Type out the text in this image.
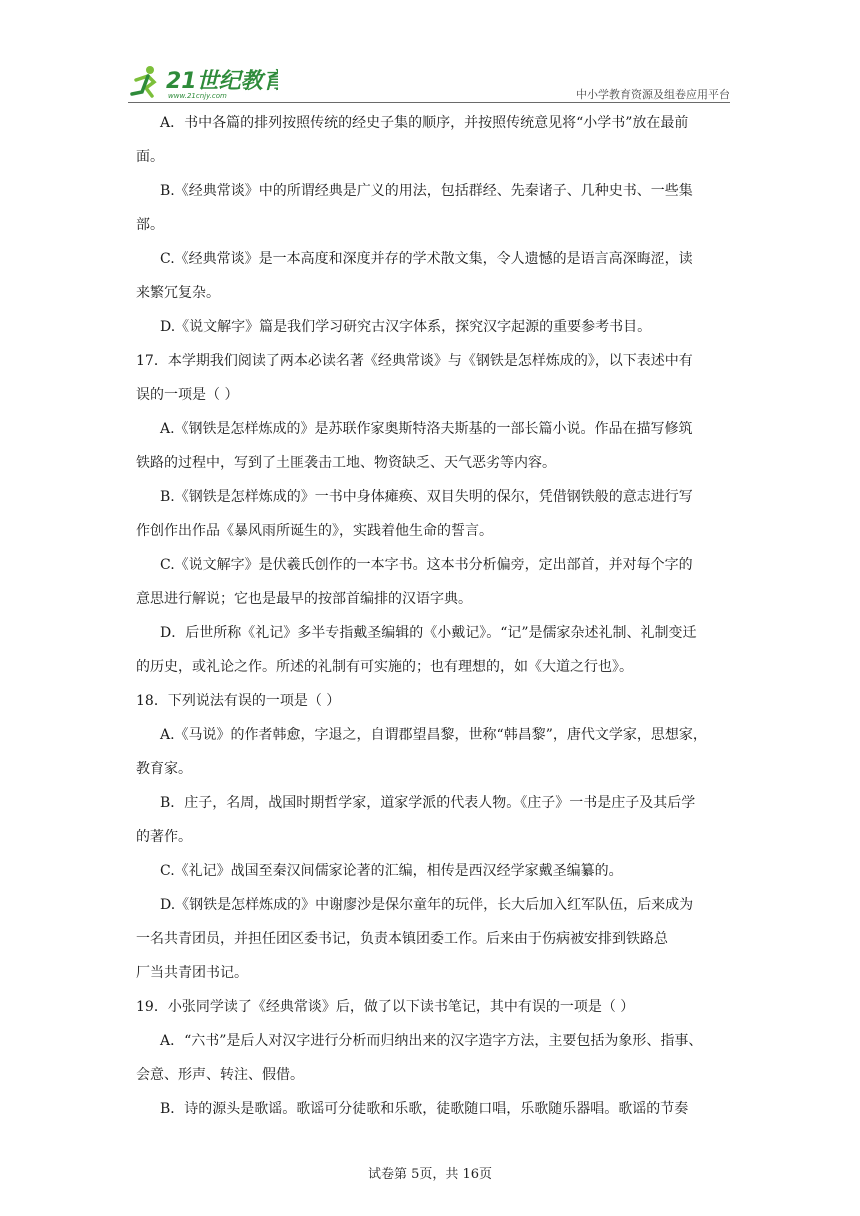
21世纪教育
www.21cnjy.com	中小学教育资源及组卷应用平台
A．书中各篇的排列按照传统的经史子集的顺序，并按照传统意见将“小学书”放在最前
面。
B.《经典常谈》中的所谓经典是广义的用法，包括群经、先秦诸子、几种史书、一些集
部。
C.《经典常谈》是一本高度和深度并存的学术散文集，令人遗憾的是语言高深晦涩，读
来繁冗复杂。
D.《说文解字》篇是我们学习研究古汉字体系，探究汉字起源的重要参考书目。
17．本学期我们阅读了两本必读名著《经典常谈》与《钢铁是怎样炼成的》，以下表述中有
误的一项是（ ）
A.《钢铁是怎样炼成的》是苏联作家奥斯特洛夫斯基的一部长篇小说。作品在描写修筑
铁路的过程中，写到了土匪袭击工地、物资缺乏、天气恶劣等内容。
B.《钢铁是怎样炼成的》一书中身体瘫痪、双目失明的保尔，凭借钢铁般的意志进行写
作创作出作品《暴风雨所诞生的》，实践着他生命的誓言。
C.《说文解字》是伏羲氏创作的一本字书。这本书分析偏旁，定出部首，并对每个字的
意思进行解说；它也是最早的按部首编排的汉语字典。
D．后世所称《礼记》多半专指戴圣编辑的《小戴记》。“记”是儒家杂述礼制、礼制变迁
的历史，或礼论之作。所述的礼制有可实施的；也有理想的，如《大道之行也》。
18．下列说法有误的一项是（ ）
A.《马说》的作者韩愈，字退之，自谓郡望昌黎，世称“韩昌黎”，唐代文学家，思想家，
教育家。
B．庄子，名周，战国时期哲学家，道家学派的代表人物。《庄子》一书是庄子及其后学
的著作。
C.《礼记》战国至秦汉间儒家论著的汇编，相传是西汉经学家戴圣编纂的。
D.《钢铁是怎样炼成的》中谢廖沙是保尔童年的玩伴，长大后加入红军队伍，后来成为
一名共青团员，并担任团区委书记，负责本镇团委工作。后来由于伤病被安排到铁路总
厂当共青团书记。
19．小张同学读了《经典常谈》后，做了以下读书笔记，其中有误的一项是（ ）
A．“六书”是后人对汉字进行分析而归纳出来的汉字造字方法，主要包括为象形、指事、
会意、形声、转注、假借。
B．诗的源头是歌谣。歌谣可分徒歌和乐歌，徒歌随口唱，乐歌随乐器唱。歌谣的节奏
试卷第 5页，共 16页
